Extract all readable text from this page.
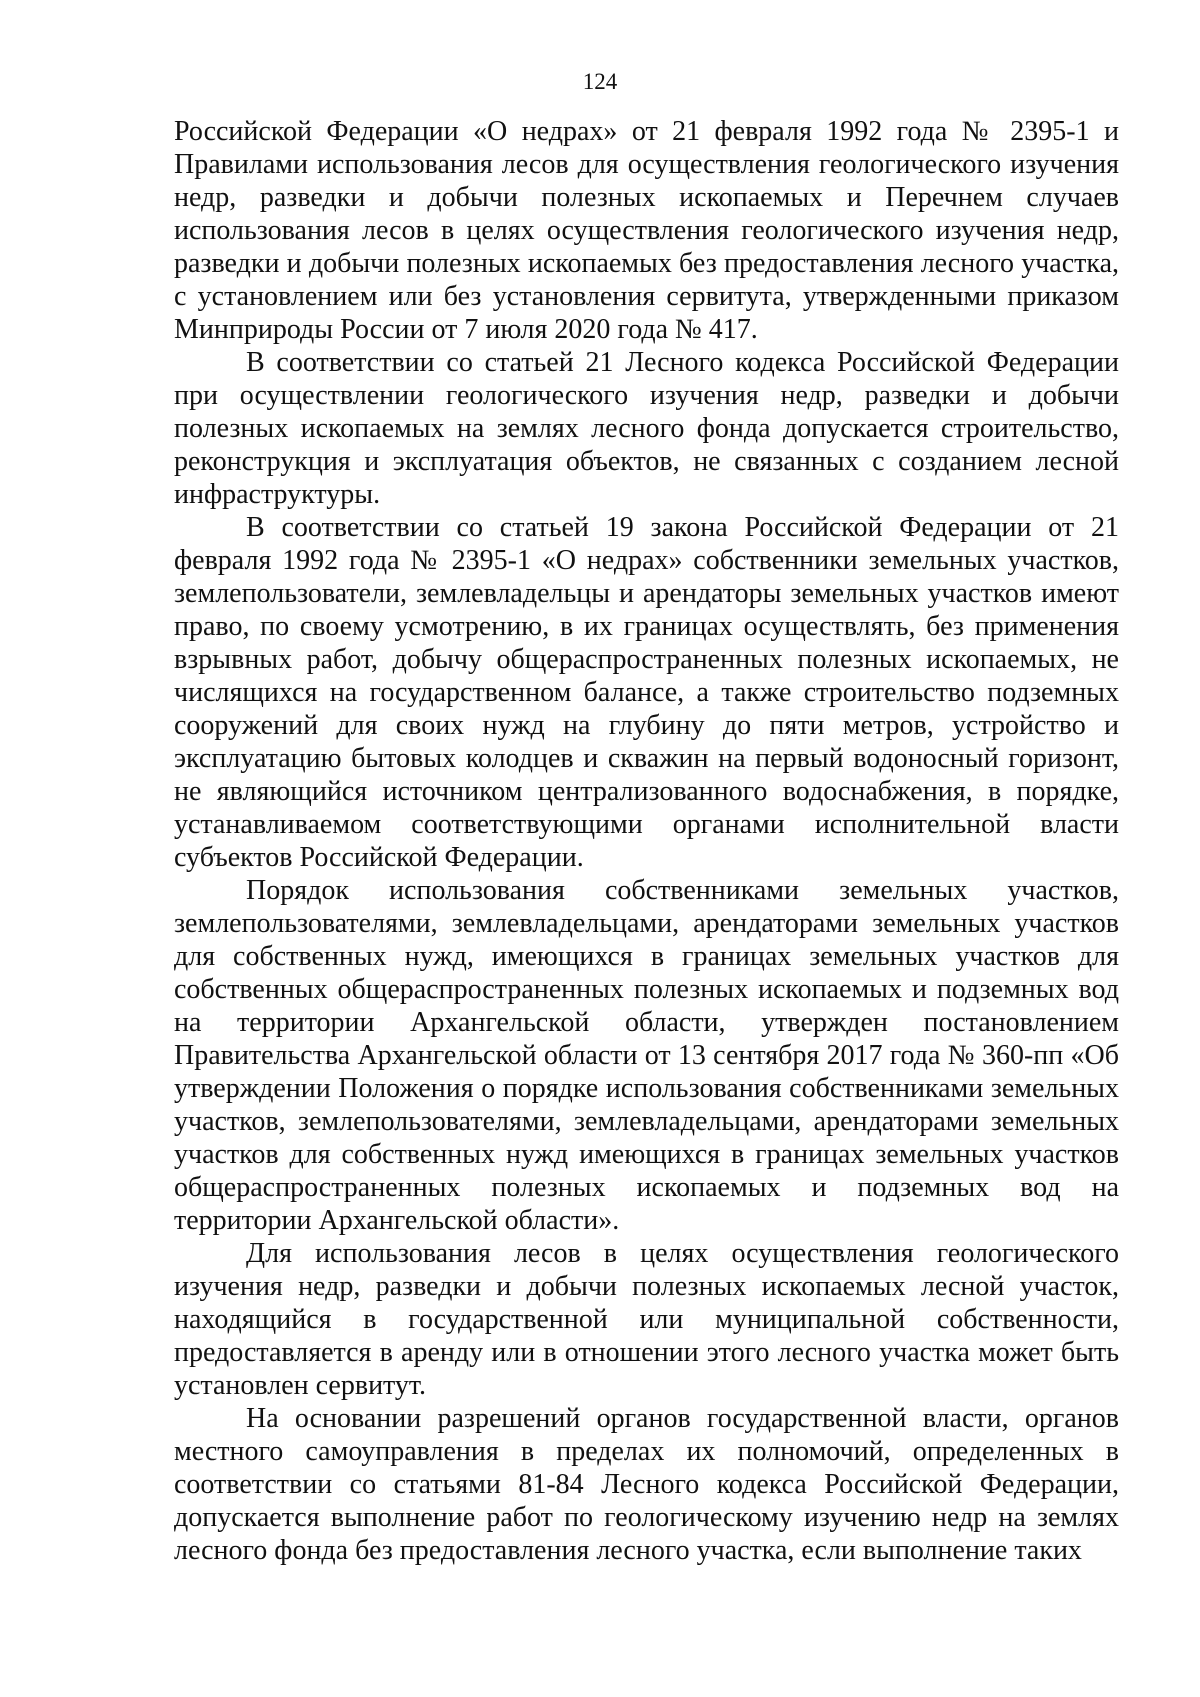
124

Российской Федерации «О недрах» от 21 февраля 1992 года № 2395-1 и Правилами использования лесов для осуществления геологического изучения недр, разведки и добычи полезных ископаемых и Перечнем случаев использования лесов в целях осуществления геологического изучения недр, разведки и добычи полезных ископаемых без предоставления лесного участка, с установлением или без установления сервитута, утвержденными приказом Минприроды России от 7 июля 2020 года № 417.

В соответствии со статьей 21 Лесного кодекса Российской Федерации при осуществлении геологического изучения недр, разведки и добычи полезных ископаемых на землях лесного фонда допускается строительство, реконструкция и эксплуатация объектов, не связанных с созданием лесной инфраструктуры.

В соответствии со статьей 19 закона Российской Федерации от 21 февраля 1992 года № 2395-1 «О недрах» собственники земельных участков, землепользователи, землевладельцы и арендаторы земельных участков имеют право, по своему усмотрению, в их границах осуществлять, без применения взрывных работ, добычу общераспространенных полезных ископаемых, не числящихся на государственном балансе, а также строительство подземных сооружений для своих нужд на глубину до пяти метров, устройство и эксплуатацию бытовых колодцев и скважин на первый водоносный горизонт, не являющийся источником централизованного водоснабжения, в порядке, устанавливаемом соответствующими органами исполнительной власти субъектов Российской Федерации.

Порядок использования собственниками земельных участков, землепользователями, землевладельцами, арендаторами земельных участков для собственных нужд, имеющихся в границах земельных участков для собственных общераспространенных полезных ископаемых и подземных вод на территории Архангельской области, утвержден постановлением Правительства Архангельской области от 13 сентября 2017 года № 360-пп «Об утверждении Положения о порядке использования собственниками земельных участков, землепользователями, землевладельцами, арендаторами земельных участков для собственных нужд имеющихся в границах земельных участков общераспространенных полезных ископаемых и подземных вод на территории Архангельской области».

Для использования лесов в целях осуществления геологического изучения недр, разведки и добычи полезных ископаемых лесной участок, находящийся в государственной или муниципальной собственности, предоставляется в аренду или в отношении этого лесного участка может быть установлен сервитут.

На основании разрешений органов государственной власти, органов местного самоуправления в пределах их полномочий, определенных в соответствии со статьями 81-84 Лесного кодекса Российской Федерации, допускается выполнение работ по геологическому изучению недр на землях лесного фонда без предоставления лесного участка, если выполнение таких
